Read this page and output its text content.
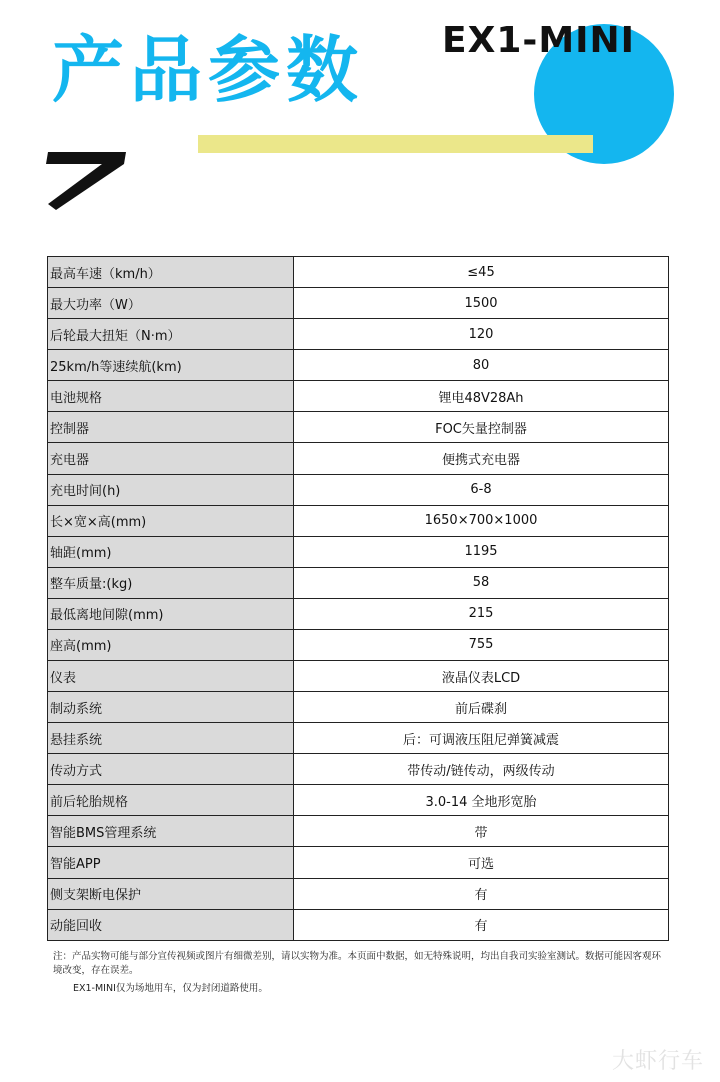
产品参数 EX1-MINI
最高车速（km/h）	≤45
最大功率（W）	1500
后轮最大扭矩（N·m）	120
25km/h等速续航(km)	80
电池规格	锂电48V28Ah
控制器	FOC矢量控制器
充电器	便携式充电器
充电时间(h)	6-8
长×宽×高(mm)	1650×700×1000
轴距(mm)	1195
整车质量:(kg)	58
最低离地间隙(mm)	215
座高(mm)	755
仪表	液晶仪表LCD
制动系统	前后碟刹
悬挂系统	后：可调液压阻尼弹簧减震
传动方式	带传动/链传动，两级传动
前后轮胎规格	3.0-14 全地形宽胎
智能BMS管理系统	带
智能APP	可选
侧支架断电保护	有
动能回收	有
注：产品实物可能与部分宣传视频或图片有细微差别，请以实物为准。本页面中数据，如无特殊说明，均出自我司实验室测试。数据可能因客观环境改变，存在误差。
EX1-MINI仅为场地用车，仅为封闭道路使用。
大虾行车
